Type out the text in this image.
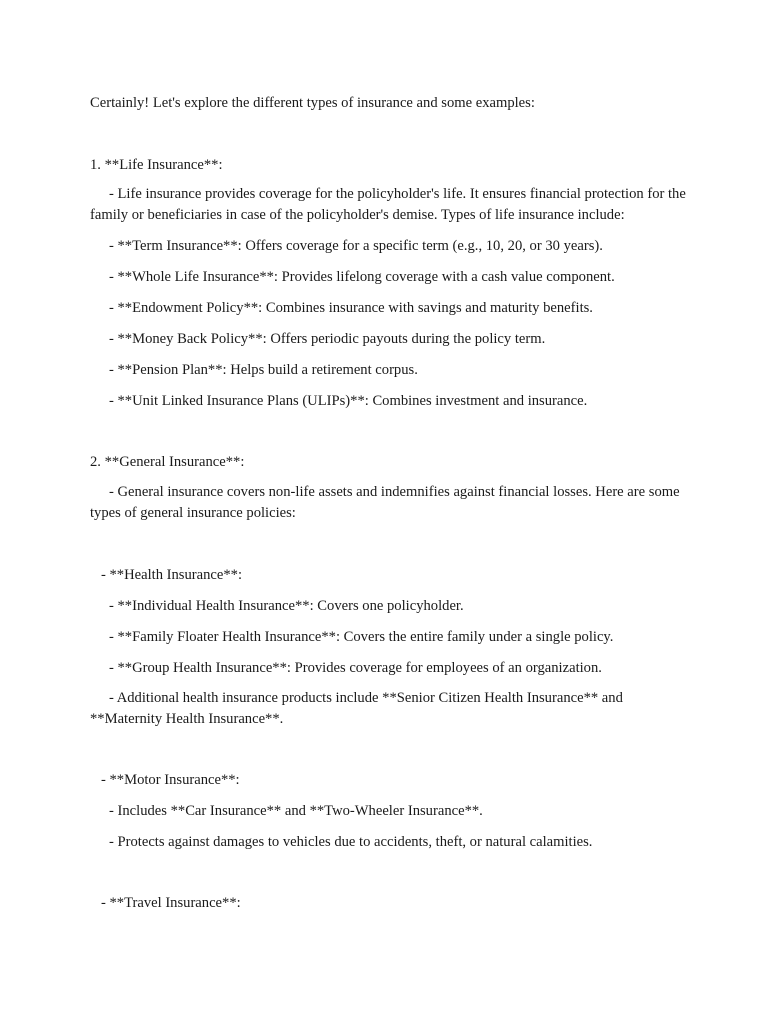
Certainly! Let's explore the different types of insurance and some examples:
1. **Life Insurance**:
- Life insurance provides coverage for the policyholder's life. It ensures financial protection for the family or beneficiaries in case of the policyholder's demise. Types of life insurance include:
- **Term Insurance**: Offers coverage for a specific term (e.g., 10, 20, or 30 years).
- **Whole Life Insurance**: Provides lifelong coverage with a cash value component.
- **Endowment Policy**: Combines insurance with savings and maturity benefits.
- **Money Back Policy**: Offers periodic payouts during the policy term.
- **Pension Plan**: Helps build a retirement corpus.
- **Unit Linked Insurance Plans (ULIPs)**: Combines investment and insurance.
2. **General Insurance**:
- General insurance covers non-life assets and indemnifies against financial losses. Here are some types of general insurance policies:
- **Health Insurance**:
- **Individual Health Insurance**: Covers one policyholder.
- **Family Floater Health Insurance**: Covers the entire family under a single policy.
- **Group Health Insurance**: Provides coverage for employees of an organization.
- Additional health insurance products include **Senior Citizen Health Insurance** and **Maternity Health Insurance**.
- **Motor Insurance**:
- Includes **Car Insurance** and **Two-Wheeler Insurance**.
- Protects against damages to vehicles due to accidents, theft, or natural calamities.
- **Travel Insurance**:
